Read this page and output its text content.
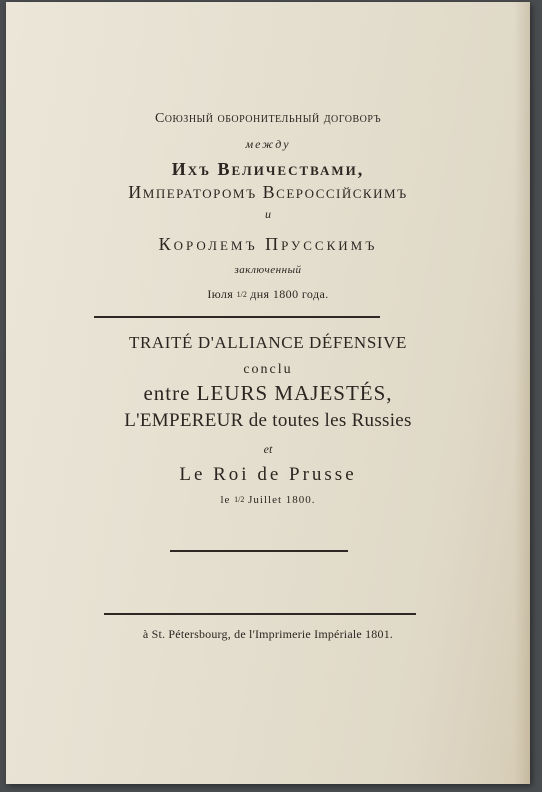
Союзный оборонительный договоръ
между
Ихъ Величествами,
Императоромъ Всероссійскимъ
и
Королемъ Прусскимъ
заключенный
Іюля 1/2 дня 1800 года.
TRAITÉ D'ALLIANCE DÉFENSIVE
conclu
entre LEURS MAJESTÉS,
L'EMPEREUR de toutes les Russies
et
Le Roi de Prusse
le 1/2 Juillet 1800.
à St. Pétersbourg, de l'Imprimerie Impériale 1801.
